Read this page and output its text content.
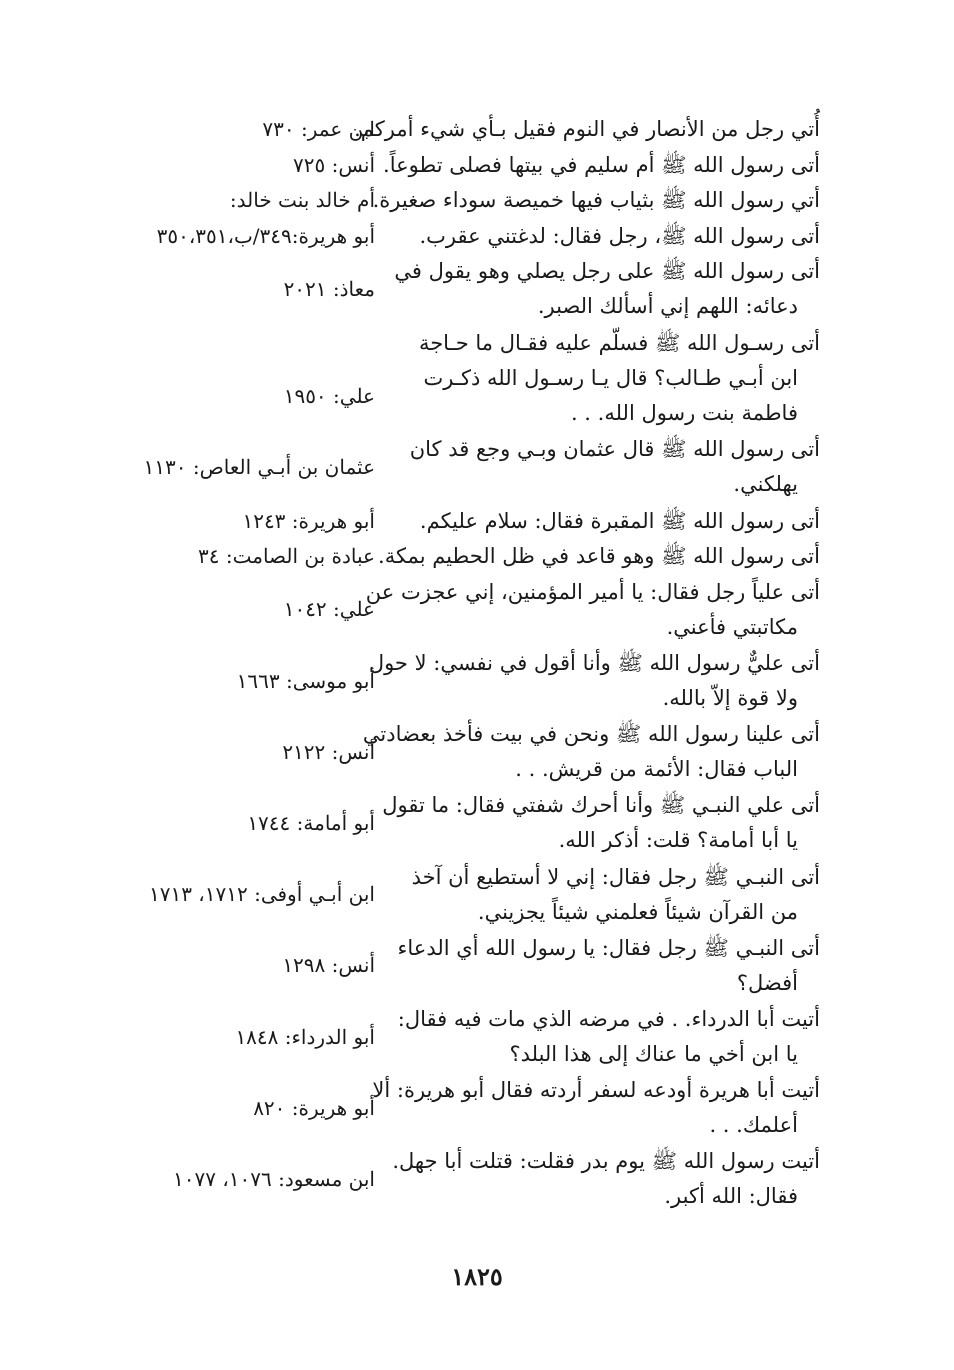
أُتي رجل من الأنصار في النوم فقيل بـأي شيء أمركم.
ابن عمر: ٧٣٠
أتى رسول الله ﷺ أم سليم في بيتها فصلى تطوعاً.
أنس: ٧٢٥
أتي رسول الله ﷺ بثياب فيها خميصة سوداء صغيرة.
أم خالد بنت خالد:
أتى رسول الله ﷺ، رجل فقال: لدغتني عقرب.
أبو هريرة:٣٤٩/ب،٣٥٠،٣٥١
أتى رسول الله ﷺ على رجل يصلي وهو يقول في
دعائه: اللهم إني أسألك الصبر.
معاذ: ٢٠٢١
أتى رسـول الله ﷺ فسلّم عليه فقـال ما حـاجة
ابن أبـي طـالب؟ قال يـا رسـول الله ذكـرت
فاطمة بنت رسول الله. . .
علي: ١٩٥٠
أتى رسول الله ﷺ قال عثمان وبـي وجع قد كان
يهلكني.
عثمان بن أبـي العاص: ١١٣٠
أتى رسول الله ﷺ المقبرة فقال: سلام عليكم.
أبو هريرة: ١٢٤٣
أتى رسول الله ﷺ وهو قاعد في ظل الحطيم بمكة.
عبادة بن الصامت: ٣٤
أتى علياً رجل فقال: يا أمير المؤمنين، إني عجزت عن
مكاتبتي فأعني.
علي: ١٠٤٢
أتى عليٌّ رسول الله ﷺ وأنا أقول في نفسي: لا حول
ولا قوة إلاّ بالله.
أبو موسى: ١٦٦٣
أتى علينا رسول الله ﷺ ونحن في بيت فأخذ بعضادتي
الباب فقال: الأئمة من قريش. . .
أنس: ٢١٢٢
أتى علي النبـي ﷺ وأنا أحرك شفتي فقال: ما تقول
يا أبا أمامة؟ قلت: أذكر الله.
أبو أمامة: ١٧٤٤
أتى النبـي ﷺ رجل فقال: إني لا أستطيع أن آخذ
من القرآن شيئاً فعلمني شيئاً يجزيني.
ابن أبـي أوفى: ١٧١٢، ١٧١٣
أتى النبـي ﷺ رجل فقال: يا رسول الله أي الدعاء
أفضل؟
أنس: ١٢٩٨
أتيت أبا الدرداء. . في مرضه الذي مات فيه فقال:
يا ابن أخي ما عناك إلى هذا البلد؟
أبو الدرداء: ١٨٤٨
أتيت أبا هريرة أودعه لسفر أردته فقال أبو هريرة: ألا
أعلمك. . .
أبو هريرة: ٨٢٠
أتيت رسول الله ﷺ يوم بدر فقلت: قتلت أبا جهل.
فقال: الله أكبر.
ابن مسعود: ١٠٧٦، ١٠٧٧
١٨٢٥
